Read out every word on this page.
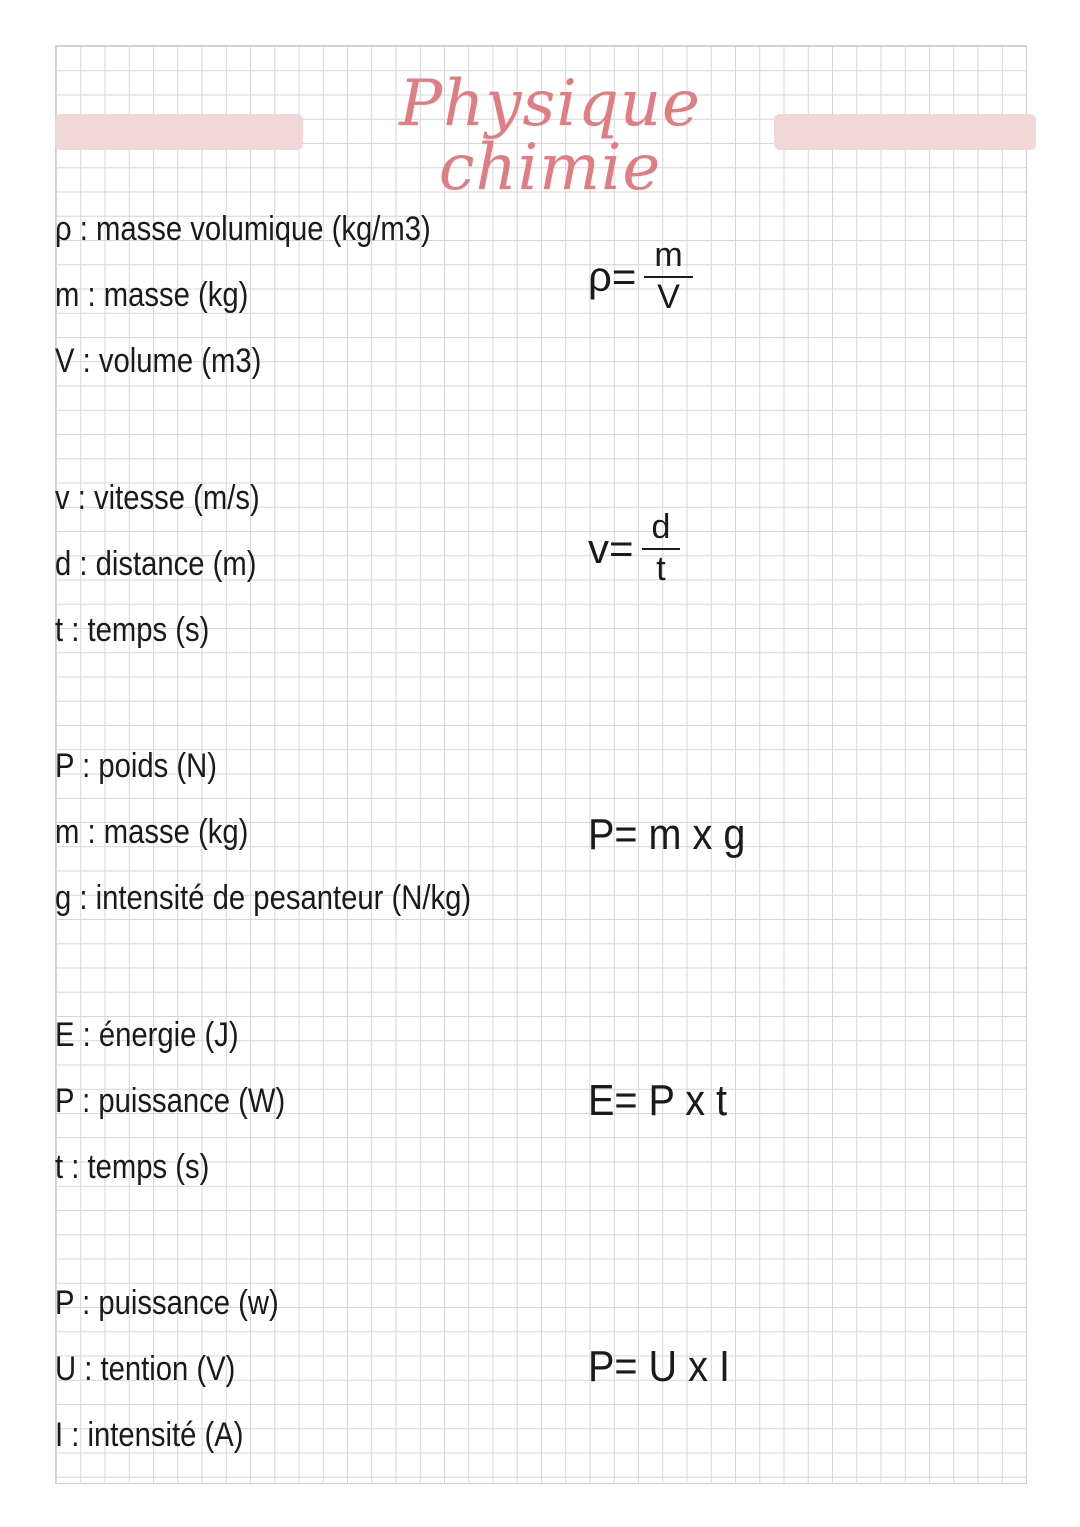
Physique chimie
ρ : masse volumique (kg/m3)
m : masse (kg)
V : volume (m3)
$\rho= \frac{m}{V}$
v : vitesse (m/s)
d : distance (m)
t : temps (s)
$v= \frac{d}{t}$
P : poids (N)
m : masse (kg)
g : intensité de pesanteur (N/kg)
P= m x g
E : énergie (J)
P : puissance (W)
t : temps (s)
E= P x t
P : puissance (w)
U : tention (V)
I : intensité (A)
P= U x I
